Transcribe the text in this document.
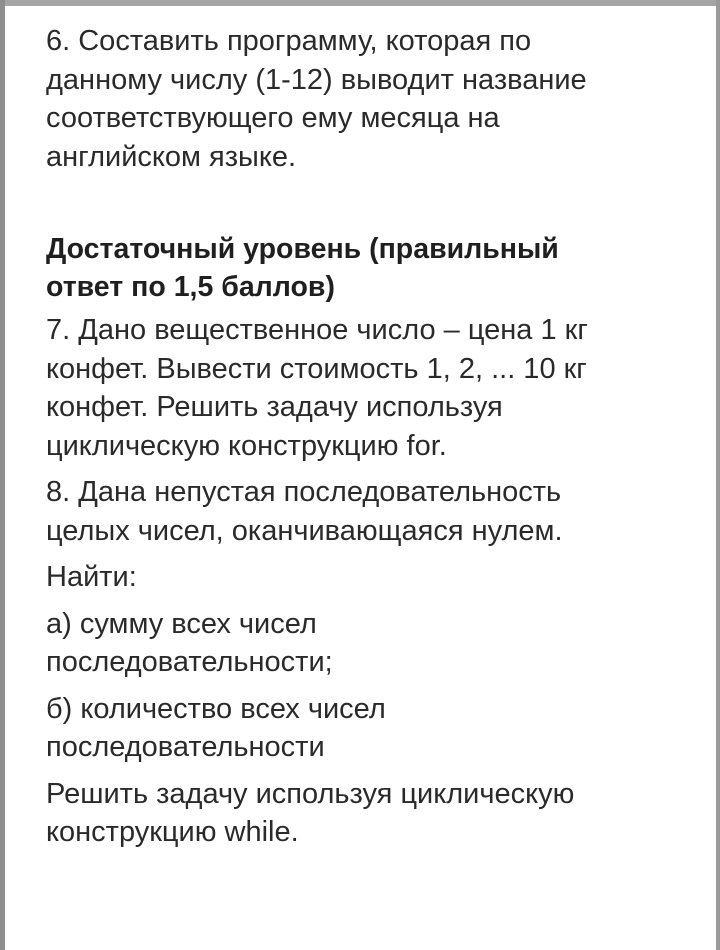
6. Составить программу, которая по
данному числу (1-12) выводит название
соответствующего ему месяца на
английском языке.

Достаточный уровень (правильный
ответ по 1,5 баллов)

7. Дано вещественное число – цена 1 кг
конфет. Вывести стоимость 1, 2, ... 10 кг
конфет. Решить задачу используя
циклическую конструкцию for.

8. Дана непустая последовательность
целых чисел, оканчивающаяся нулем.

Найти:

а) сумму всех чисел
последовательности;

б) количество всех чисел
последовательности

Решить задачу используя циклическую
конструкцию while.
